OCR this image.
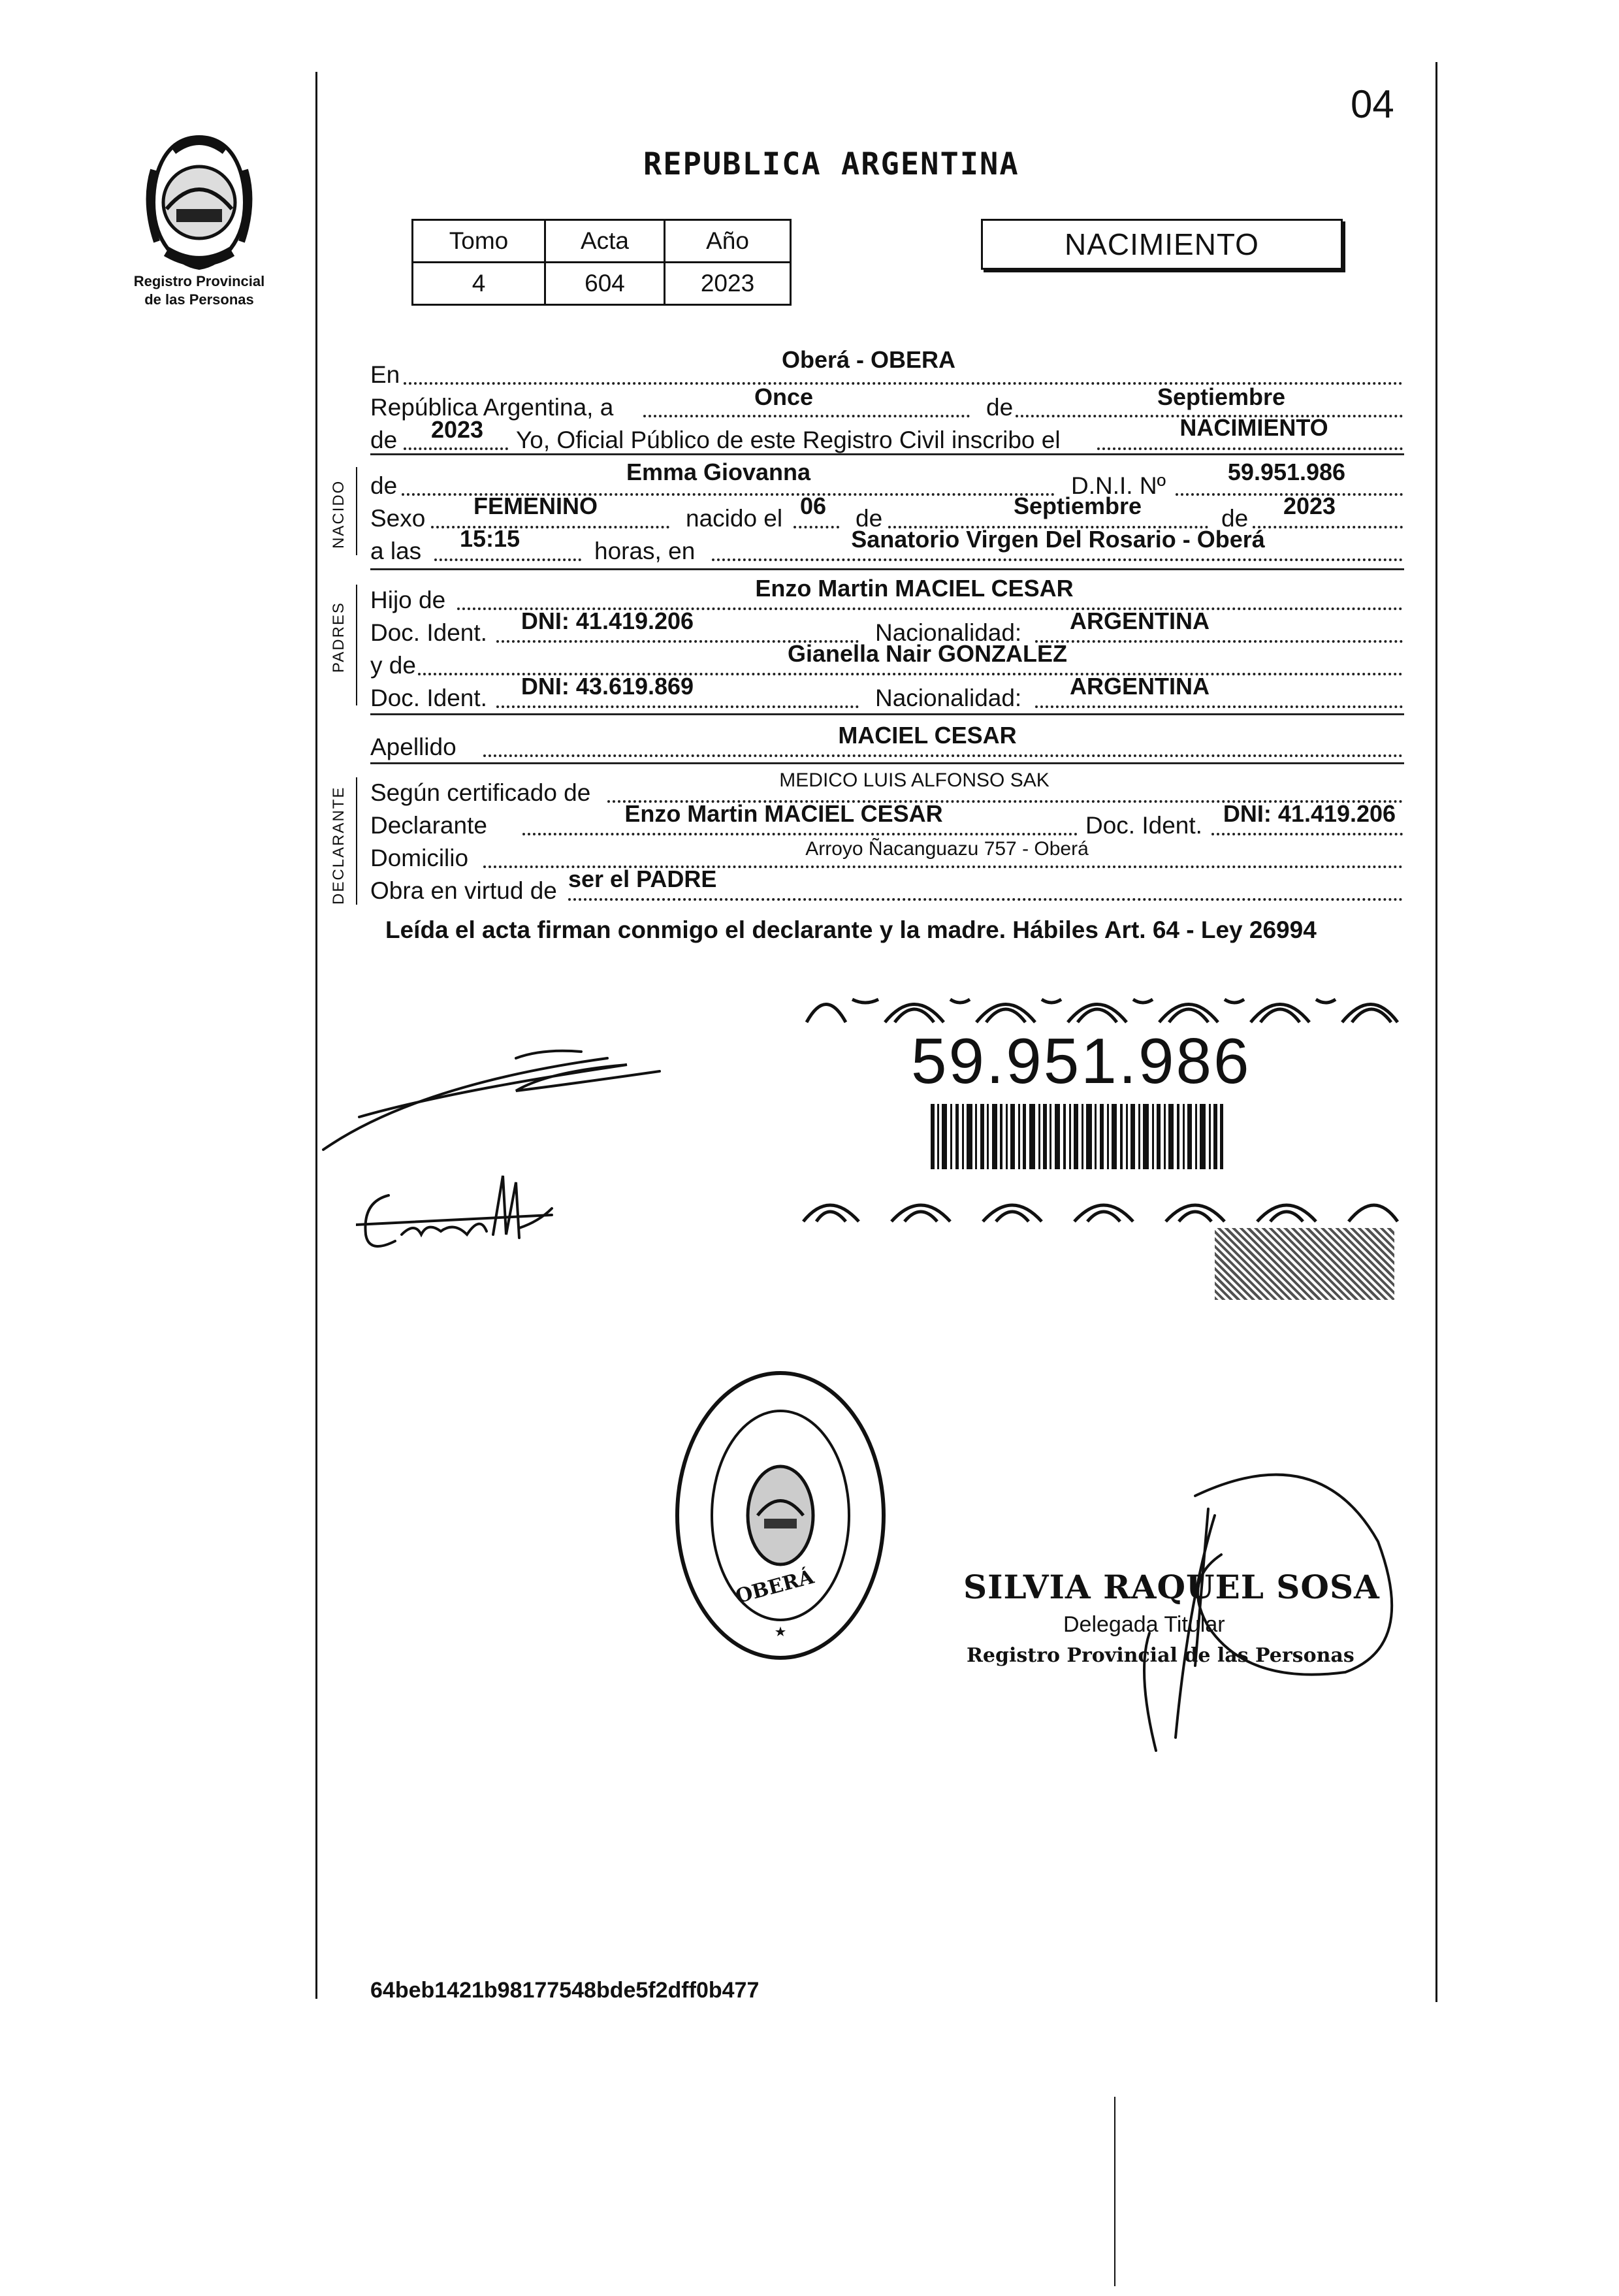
04
Registro Provincial
de las Personas
REPUBLICA ARGENTINA
Tomo	Acta	Año
4	604	2023
NACIMIENTO
En
Oberá - OBERA
República Argentina, a	Once	de	Septiembre
de	2023	Yo, Oficial Público de este Registro Civil inscribo el	NACIMIENTO
NACIDO de
Emma Giovanna
D.N.I. Nº
59.951.986
Sexo	FEMENINO	nacido el 06	de	Septiembre	de	2023
a las	15:15	horas, en	Sanatorio Virgen Del Rosario - Oberá
PADRES
Hijo de	Enzo Martin MACIEL CESAR
Doc. Ident.	DNI: 41.419.206	Nacionalidad:	ARGENTINA
y de	Gianella Nair GONZALEZ
Doc. Ident.	DNI: 43.619.869	Nacionalidad:	ARGENTINA
Apellido	MACIEL CESAR
DECLARANTE Según certificado de	MEDICO LUIS ALFONSO SAK
Declarante	Enzo Martin MACIEL CESAR	Doc. Ident. DNI: 41.419.206
Domicilio	Arroyo Ñacanguazu 757 - Oberá
Obra en virtud de ser el PADRE
Leída el acta firman conmigo el declarante y la madre. Hábiles Art. 64 - Ley 26994
59.951.986
OBERÁ	SILVIA RAQUEL SOSA
Delegada Titular
Registro Provincial de las Personas
64beb1421b98177548bde5f2dff0b477
